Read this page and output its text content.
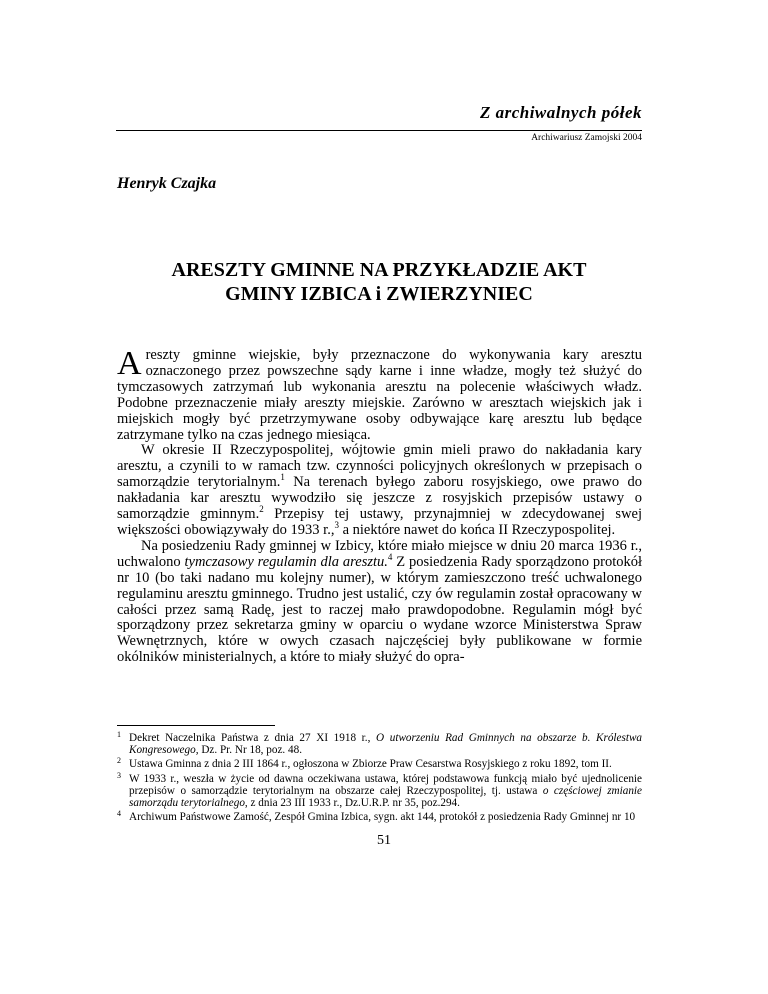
Z archiwalnych półek
Archiwariusz Zamojski 2004
Henryk Czajka
ARESZTY GMINNE NA PRZYKŁADZIE AKT
GMINY IZBICA i ZWIERZYNIEC

Areszty gminne wiejskie, były przeznaczone do wykonywania kary aresztu oznaczonego przez powszechne sądy karne i inne władze, mogły też służyć do tymczasowych zatrzymań lub wykonania aresztu na polecenie właściwych władz. Podobne przeznaczenie miały areszty miejskie. Zarówno w aresztach wiejskich jak i miejskich mogły być przetrzymywane osoby odbywające karę aresztu lub będące zatrzymane tylko na czas jednego miesiąca.

W okresie II Rzeczypospolitej, wójtowie gmin mieli prawo do nakładania kary aresztu, a czynili to w ramach tzw. czynności policyjnych określonych w przepisach o samorządzie terytorialnym.$^1$ Na terenach byłego zaboru rosyjskiego, owe prawo do nakładania kar aresztu wywodziło się jeszcze z rosyjskich przepisów ustawy o samorządzie gminnym.$^2$ Przepisy tej ustawy, przynajmniej w zdecydowanej swej większości obowiązywały do 1933 r.,$^3$ a niektóre nawet do końca II Rzeczypospolitej.

Na posiedzeniu Rady gminnej w Izbicy, które miało miejsce w dniu 20 marca 1936 r., uchwalono tymczasowy regulamin dla aresztu.$^4$ Z posiedzenia Rady sporządzono protokół nr 10 (bo taki nadano mu kolejny numer), w którym zamieszczono treść uchwalonego regulaminu aresztu gminnego. Trudno jest ustalić, czy ów regulamin został opracowany w całości przez samą Radę, jest to raczej mało prawdopodobne. Regulamin mógł być sporządzony przez sekretarza gminy w oparciu o wydane wzorce Ministerstwa Spraw Wewnętrznych, które w owych czasach najczęściej były publikowane w formie okólników ministerialnych, a które to miały służyć do opra-

1 Dekret Naczelnika Państwa z dnia 27 XI 1918 r., O utworzeniu Rad Gminnych na obszarze b. Królestwa Kongresowego, Dz. Pr. Nr 18, poz. 48.
2 Ustawa Gminna z dnia 2 III 1864 r., ogłoszona w Zbiorze Praw Cesarstwa Rosyjskiego z roku 1892, tom II.
3 W 1933 r., weszła w życie od dawna oczekiwana ustawa, której podstawowa funkcją miało być ujednolicenie przepisów o samorządzie terytorialnym na obszarze całej Rzeczypospolitej, tj. ustawa o częściowej zmianie samorządu terytorialnego, z dnia 23 III 1933 r., Dz.U.R.P. nr 35, poz.294.
4 Archiwum Państwowe Zamość, Zespół Gmina Izbica, sygn. akt 144, protokół z posiedzenia Rady Gminnej nr 10
51
